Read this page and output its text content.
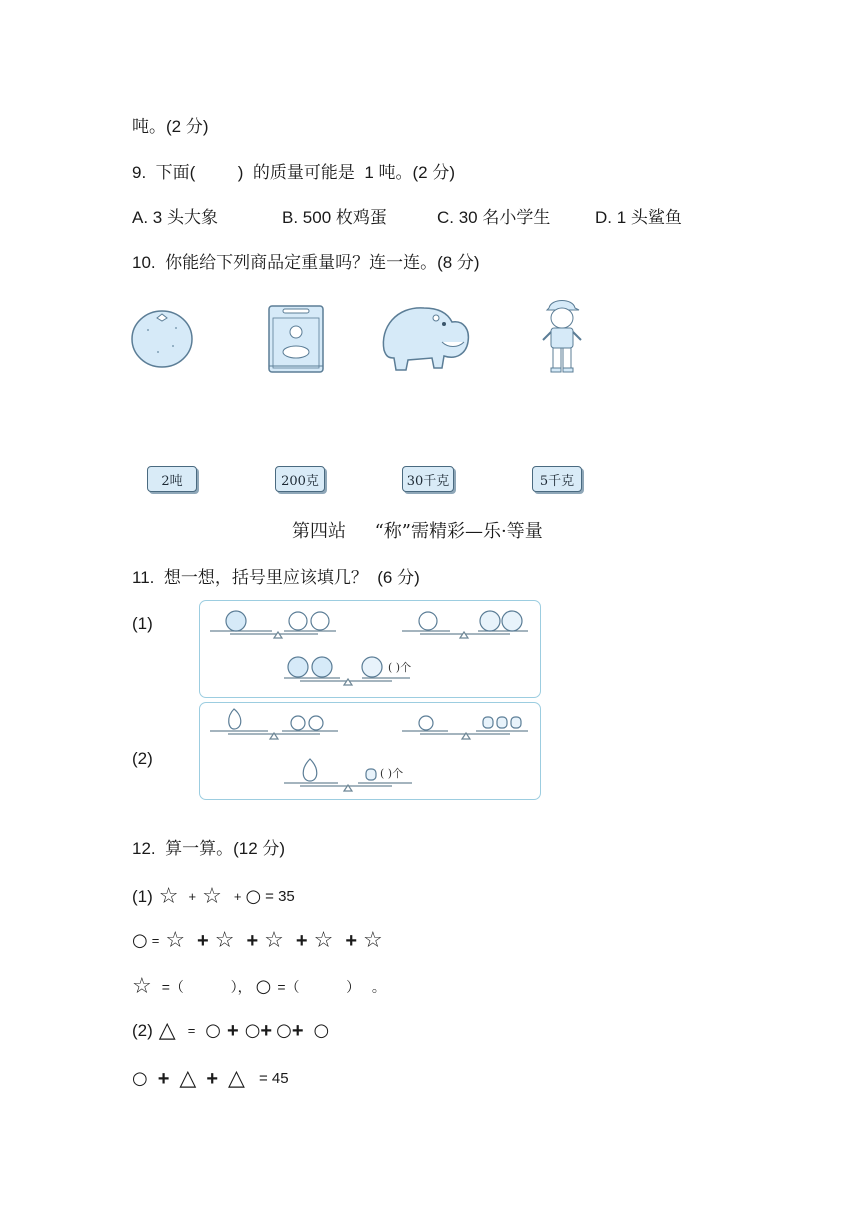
吨。(2 分)
9.  下面(         )  的质量可能是  1 吨。(2 分)
A. 3 头大象	B. 500 枚鸡蛋	C. 30 名小学生	D. 1 头鲨鱼
10.  你能给下列商品定重量吗？连一连。(8 分)
2吨	200克	30千克	5千克
第四站     “称”需精彩—乐·等量
11.  想一想，括号里应该填几？  (6 分)
(1)
(2)
( )个
( )个
12.  算一算。(12 分)
(1) ☆ + ☆ + ○ = 35
○ = ☆ + ☆ + ☆ + ☆ + ☆
☆ =（            ）， ○ =（            ）   。
(2) △ = ○ + ○ + ○ + ○
○ + △ + △ = 45
